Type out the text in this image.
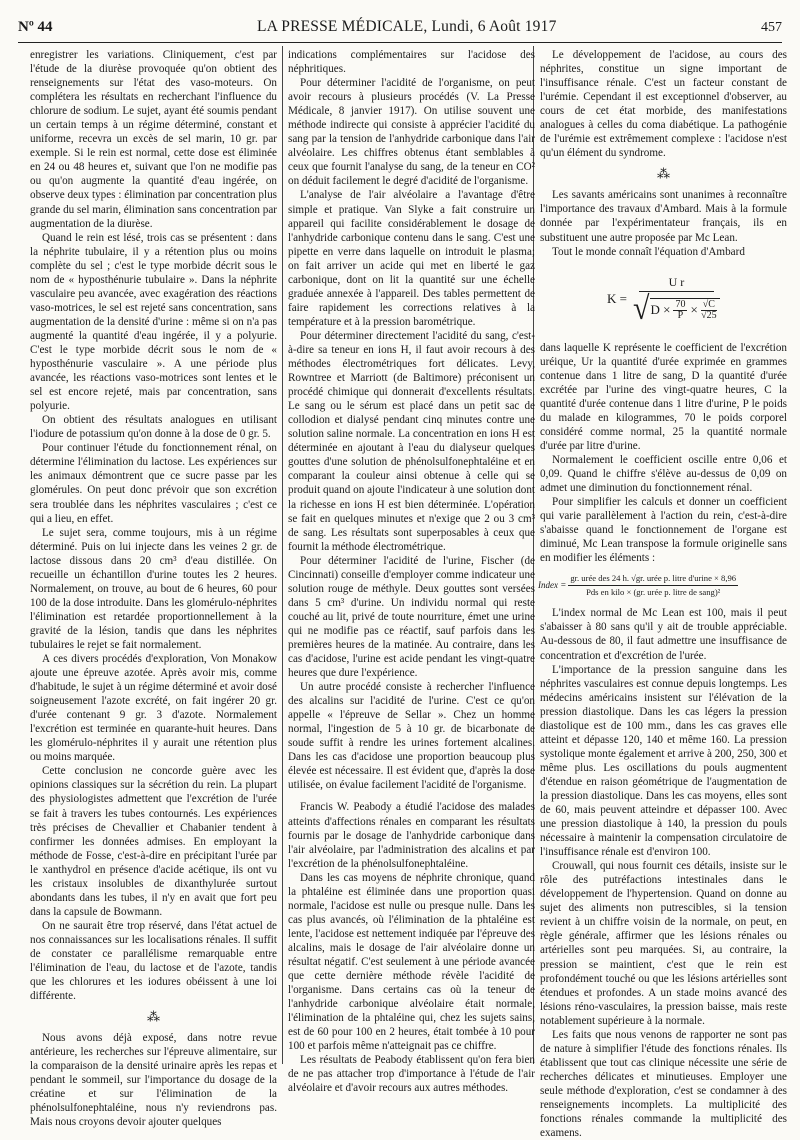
Nº 44	LA PRESSE MÉDICALE, Lundi, 6 Août 1917	457

enregistrer les variations. Cliniquement, c'est par l'étude de la diurèse provoquée qu'on obtient des renseignements sur l'état des vaso-moteurs. On complétera les résultats en recherchant l'influence du chlorure de sodium. Le sujet, ayant été soumis pendant un certain temps à un régime déterminé, constant et uniforme, recevra un excès de sel marin, 10 gr. par exemple. Si le rein est normal, cette dose est éliminée en 24 ou 48 heures et, suivant que l'on ne modifie pas ou qu'on augmente la quantité d'eau ingérée, on observe deux types : élimination par concentration plus grande du sel marin, élimination sans concentration par augmentation de la diurèse.

Quand le rein est lésé, trois cas se présentent : dans la néphrite tubulaire, il y a rétention plus ou moins complète du sel ; c'est le type morbide décrit sous le nom de « hyposthénurie tubulaire ». Dans la néphrite vasculaire peu avancée, avec exagération des réactions vaso-motrices, le sel est rejeté sans concentration, sans augmentation de la densité d'urine : même si on n'a pas augmenté la quantité d'eau ingérée, il y a polyurie. C'est le type morbide décrit sous le nom de « hyposthénurie vasculaire ». A une période plus avancée, les réactions vaso-motrices sont lentes et le sel est encore rejeté, mais par concentration, sans polyurie.

On obtient des résultats analogues en utilisant l'iodure de potassium qu'on donne à la dose de 0 gr. 5.

Pour continuer l'étude du fonctionnement rénal, on détermine l'élimination du lactose. Les expériences sur les animaux démontrent que ce sucre passe par les glomérules. On peut donc prévoir que son excrétion sera troublée dans les néphrites vasculaires ; c'est ce qui a lieu, en effet.

Le sujet sera, comme toujours, mis à un régime déterminé. Puis on lui injecte dans les veines 2 gr. de lactose dissous dans 20 cm³ d'eau distillée. On recueille un échantillon d'urine toutes les 2 heures. Normalement, on trouve, au bout de 6 heures, 60 pour 100 de la dose introduite. Dans les glomérulo-néphrites l'élimination est retardée proportionnellement à la gravité de la lésion, tandis que dans les néphrites tubulaires le rejet se fait normalement.

A ces divers procédés d'exploration, Von Monakow ajoute une épreuve azotée. Après avoir mis, comme d'habitude, le sujet à un régime déterminé et avoir dosé soigneusement l'azote excrété, on fait ingérer 20 gr. d'urée contenant 9 gr. 3 d'azote. Normalement l'excrétion est terminée en quarante-huit heures. Dans les glomérulo-néphrites il y aurait une rétention plus ou moins marquée.

Cette conclusion ne concorde guère avec les opinions classiques sur la sécrétion du rein. La plupart des physiologistes admettent que l'excrétion de l'urée se fait à travers les tubes contournés. Les expériences très précises de Chevallier et Chabanier tendent à confirmer les données admises. En employant la méthode de Fosse, c'est-à-dire en précipitant l'urée par le xanthydrol en présence d'acide acétique, ils ont vu les cristaux insolubles de dixanthylurée surtout abondants dans les tubes, il n'y en avait que fort peu dans la capsule de Bowmann.

On ne saurait être trop réservé, dans l'état actuel de nos connaissances sur les localisations rénales. Il suffit de constater ce parallélisme remarquable entre l'élimination de l'eau, du lactose et de l'azote, tandis que les chlorures et les iodures obéissent à une loi différente.

⁂

Nous avons déjà exposé, dans notre revue antérieure, les recherches sur l'épreuve alimentaire, sur la comparaison de la densité urinaire après les repas et pendant le sommeil, sur l'importance du dosage de la créatine et sur l'élimination de la phénolsulfonephtaléine, nous n'y reviendrons pas. Mais nous croyons devoir ajouter quelques

indications complémentaires sur l'acidose des néphritiques.

Pour déterminer l'acidité de l'organisme, on peut avoir recours à plusieurs procédés (V. La Presse Médicale, 8 janvier 1917). On utilise souvent une méthode indirecte qui consiste à apprécier l'acidité du sang par la tension de l'anhydride carbonique dans l'air alvéolaire. Les chiffres obtenus étant semblables à ceux que fournit l'analyse du sang, de la teneur en CO² on déduit facilement le degré d'acidité de l'organisme.

L'analyse de l'air alvéolaire a l'avantage d'être simple et pratique. Van Slyke a fait construire un appareil qui facilite considérablement le dosage de l'anhydride carbonique contenu dans le sang. C'est une pipette en verre dans laquelle on introduit le plasma; on fait arriver un acide qui met en liberté le gaz carbonique, dont on lit la quantité sur une échelle graduée annexée à l'appareil. Des tables permettent de faire rapidement les corrections relatives à la température et à la pression barométrique.

Pour déterminer directement l'acidité du sang, c'est-à-dire sa teneur en ions H, il faut avoir recours à des méthodes électrométriques fort délicates. Levy, Rowntree et Marriott (de Baltimore) préconisent un procédé chimique qui donnerait d'excellents résultats. Le sang ou le sérum est placé dans un petit sac de collodion et dialysé pendant cinq minutes contre une solution saline normale. La concentration en ions H est déterminée en ajoutant à l'eau du dialyseur quelques gouttes d'une solution de phénolsulfonephtaléine et en comparant la couleur ainsi obtenue à celle qui se produit quand on ajoute l'indicateur à une solution dont la richesse en ions H est bien déterminée. L'opération se fait en quelques minutes et n'exige que 2 ou 3 cm³ de sang. Les résultats sont superposables à ceux que fournit la méthode électrométrique.

Pour déterminer l'acidité de l'urine, Fischer (de Cincinnati) conseille d'employer comme indicateur une solution rouge de méthyle. Deux gouttes sont versées dans 5 cm³ d'urine. Un individu normal qui reste couché au lit, privé de toute nourriture, émet une urine qui ne modifie pas ce réactif, sauf parfois dans les premières heures de la matinée. Au contraire, dans les cas d'acidose, l'urine est acide pendant les vingt-quatre heures que dure l'expérience.

Un autre procédé consiste à rechercher l'influence des alcalins sur l'acidité de l'urine. C'est ce qu'on appelle « l'épreuve de Sellar ». Chez un homme normal, l'ingestion de 5 à 10 gr. de bicarbonate de soude suffit à rendre les urines fortement alcalines. Dans les cas d'acidose une proportion beaucoup plus élevée est nécessaire. Il est évident que, d'après la dose utilisée, on évalue facilement l'acidité de l'organisme.

Francis W. Peabody a étudié l'acidose des malades atteints d'affections rénales en comparant les résultats fournis par le dosage de l'anhydride carbonique dans l'air alvéolaire, par l'administration des alcalins et par l'excrétion de la phénolsulfonephtaléine.

Dans les cas moyens de néphrite chronique, quand la phtaléine est éliminée dans une proportion quasi normale, l'acidose est nulle ou presque nulle. Dans les cas plus avancés, où l'élimination de la phtaléine est lente, l'acidose est nettement indiquée par l'épreuve des alcalins, mais le dosage de l'air alvéolaire donne un résultat négatif. C'est seulement à une période avancée que cette dernière méthode révèle l'acidité de l'organisme. Dans certains cas où la teneur de l'anhydride carbonique alvéolaire était normale, l'élimination de la phtaléine qui, chez les sujets sains, est de 60 pour 100 en 2 heures, était tombée à 10 pour 100 et parfois même n'atteignait pas ce chiffre.

Les résultats de Peabody établissent qu'on fera bien de ne pas attacher trop d'importance à l'étude de l'air alvéolaire et d'avoir recours aux autres méthodes.

Le développement de l'acidose, au cours des néphrites, constitue un signe important de l'insuffisance rénale. C'est un facteur constant de l'urémie. Cependant il est exceptionnel d'observer, au cours de cet état morbide, des manifestations analogues à celles du coma diabétique. La pathogénie de l'urémie est extrêmement complexe : l'acidose n'est qu'un élément du syndrome.

⁂

Les savants américains sont unanimes à reconnaître l'importance des travaux d'Ambard. Mais à la formule donnée par l'expérimentateur français, ils en substituent une autre proposée par Mc Lean.

Tout le monde connaît l'équation d'Ambard

K =
U r
√ $D \times \frac{70}{P} \times \frac{√C}{√25}$

dans laquelle K représente le coefficient de l'excrétion uréique, Ur la quantité d'urée exprimée en grammes contenue dans 1 litre de sang, D la quantité d'urée excrétée par l'urine des vingt-quatre heures, C la quantité d'urée contenue dans 1 litre d'urine, P le poids du malade en kilogrammes, 70 le poids corporel considéré comme normal, 25 la quantité normale d'urée par litre d'urine.

Normalement le coefficient oscille entre 0,06 et 0,09. Quand le chiffre s'élève au-dessus de 0,09 on admet une diminution du fonctionnement rénal.

Pour simplifier les calculs et donner un coefficient qui varie parallèlement à l'action du rein, c'est-à-dire s'abaisse quand le fonctionnement de l'organe est diminué, Mc Lean transpose la formule originelle sans en modifier les éléments :

Index =
gr. urée des 24 h. √gr. urée p. litre d'urine × 8,96
Pds en kilo × (gr. urée p. litre de sang)²

L'index normal de Mc Lean est 100, mais il peut s'abaisser à 80 sans qu'il y ait de trouble appréciable. Au-dessous de 80, il faut admettre une insuffisance de concentration et d'excrétion de l'urée.

L'importance de la pression sanguine dans les néphrites vasculaires est connue depuis longtemps. Les médecins américains insistent sur l'élévation de la pression diastolique. Dans les cas légers la pression diastolique est de 100 mm., dans les cas graves elle atteint et dépasse 120, 140 et même 160. La pression systolique monte également et arrive à 200, 250, 300 et même plus. Les oscillations du pouls augmentent d'étendue en raison géométrique de l'augmentation de la pression diastolique. Dans les cas moyens, elles sont de 60, mais peuvent atteindre et dépasser 100. Avec une pression diastolique à 140, la pression du pouls nécessaire à maintenir la compensation circulatoire de l'insuffisance rénale est d'environ 100.

Crouwall, qui nous fournit ces détails, insiste sur le rôle des putréfactions intestinales dans le développement de l'hypertension. Quand on donne au sujet des aliments non putrescibles, si la tension revient à un chiffre voisin de la normale, on peut, en règle générale, affirmer que les lésions rénales ou artérielles sont peu marquées. Si, au contraire, la pression se maintient, c'est que le rein est profondément touché ou que les lésions artérielles sont étendues et profondes. A un stade moins avancé des lésions réno-vasculaires, la pression baisse, mais reste notablement supérieure à la normale.

Les faits que nous venons de rapporter ne sont pas de nature à simplifier l'étude des fonctions rénales. Ils établissent que tout cas clinique nécessite une série de recherches délicates et minutieuses. Employer une seule méthode d'exploration, c'est se condamner à des renseignements incomplets. La multiplicité des fonctions rénales commande la multiplicité des examens.
